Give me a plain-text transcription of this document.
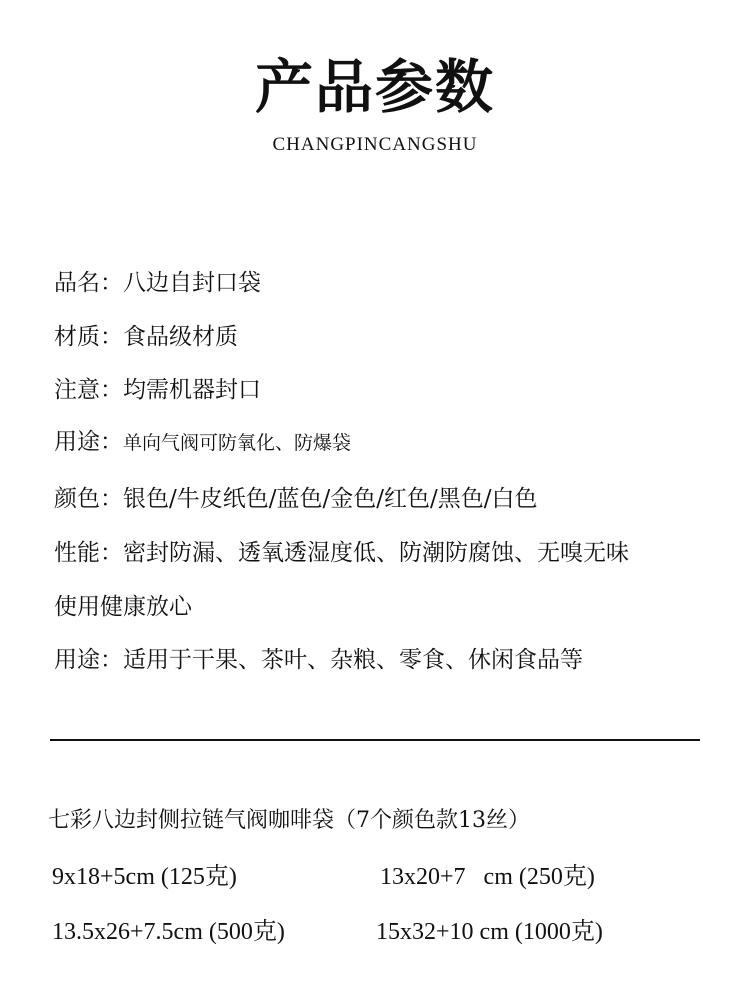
产品参数
CHANGPINCANGSHU
品名：八边自封口袋
材质：食品级材质
注意：均需机器封口
用途：单向气阀可防氧化、防爆袋
颜色：银色/牛皮纸色/蓝色/金色/红色/黑色/白色
性能：密封防漏、透氧透湿度低、防潮防腐蚀、无嗅无味
使用健康放心
用途：适用于干果、茶叶、杂粮、零食、休闲食品等
七彩八边封侧拉链气阀咖啡袋（7个颜色款13丝）
9x18+5cm (125克)	13x20+7   cm (250克)
13.5x26+7.5cm (500克)	15x32+10 cm (1000克)
